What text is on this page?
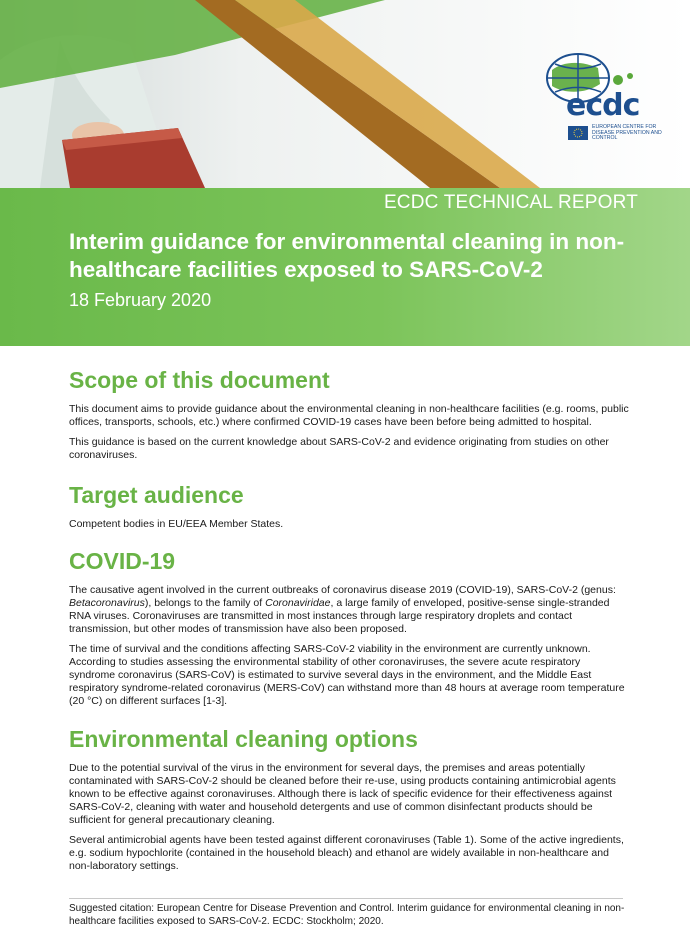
ecdc
EUROPEAN CENTRE FOR DISEASE PREVENTION AND CONTROL
ECDC TECHNICAL REPORT
Interim guidance for environmental cleaning in non-healthcare facilities exposed to SARS-CoV-2
18 February 2020
Scope of this document

This document aims to provide guidance about the environmental cleaning in non-healthcare facilities (e.g. rooms, public offices, transports, schools, etc.) where confirmed COVID-19 cases have been before being admitted to hospital.

This guidance is based on the current knowledge about SARS-CoV-2 and evidence originating from studies on other coronaviruses.

Target audience

Competent bodies in EU/EEA Member States.

COVID-19

The causative agent involved in the current outbreaks of coronavirus disease 2019 (COVID-19), SARS-CoV-2 (genus: Betacoronavirus), belongs to the family of Coronaviridae, a large family of enveloped, positive-sense single-stranded RNA viruses. Coronaviruses are transmitted in most instances through large respiratory droplets and contact transmission, but other modes of transmission have also been proposed.

The time of survival and the conditions affecting SARS-CoV-2 viability in the environment are currently unknown. According to studies assessing the environmental stability of other coronaviruses, the severe acute respiratory syndrome coronavirus (SARS-CoV) is estimated to survive several days in the environment, and the Middle East respiratory syndrome-related coronavirus (MERS-CoV) can withstand more than 48 hours at average room temperature (20 °C) on different surfaces [1-3].

Environmental cleaning options

Due to the potential survival of the virus in the environment for several days, the premises and areas potentially contaminated with SARS-CoV-2 should be cleaned before their re-use, using products containing antimicrobial agents known to be effective against coronaviruses. Although there is lack of specific evidence for their effectiveness against SARS-CoV-2, cleaning with water and household detergents and use of common disinfectant products should be sufficient for general precautionary cleaning.

Several antimicrobial agents have been tested against different coronaviruses (Table 1). Some of the active ingredients, e.g. sodium hypochlorite (contained in the household bleach) and ethanol are widely available in non-healthcare and non-laboratory settings.

Suggested citation: European Centre for Disease Prevention and Control. Interim guidance for environmental cleaning in non-healthcare facilities exposed to SARS-CoV-2. ECDC: Stockholm; 2020.
